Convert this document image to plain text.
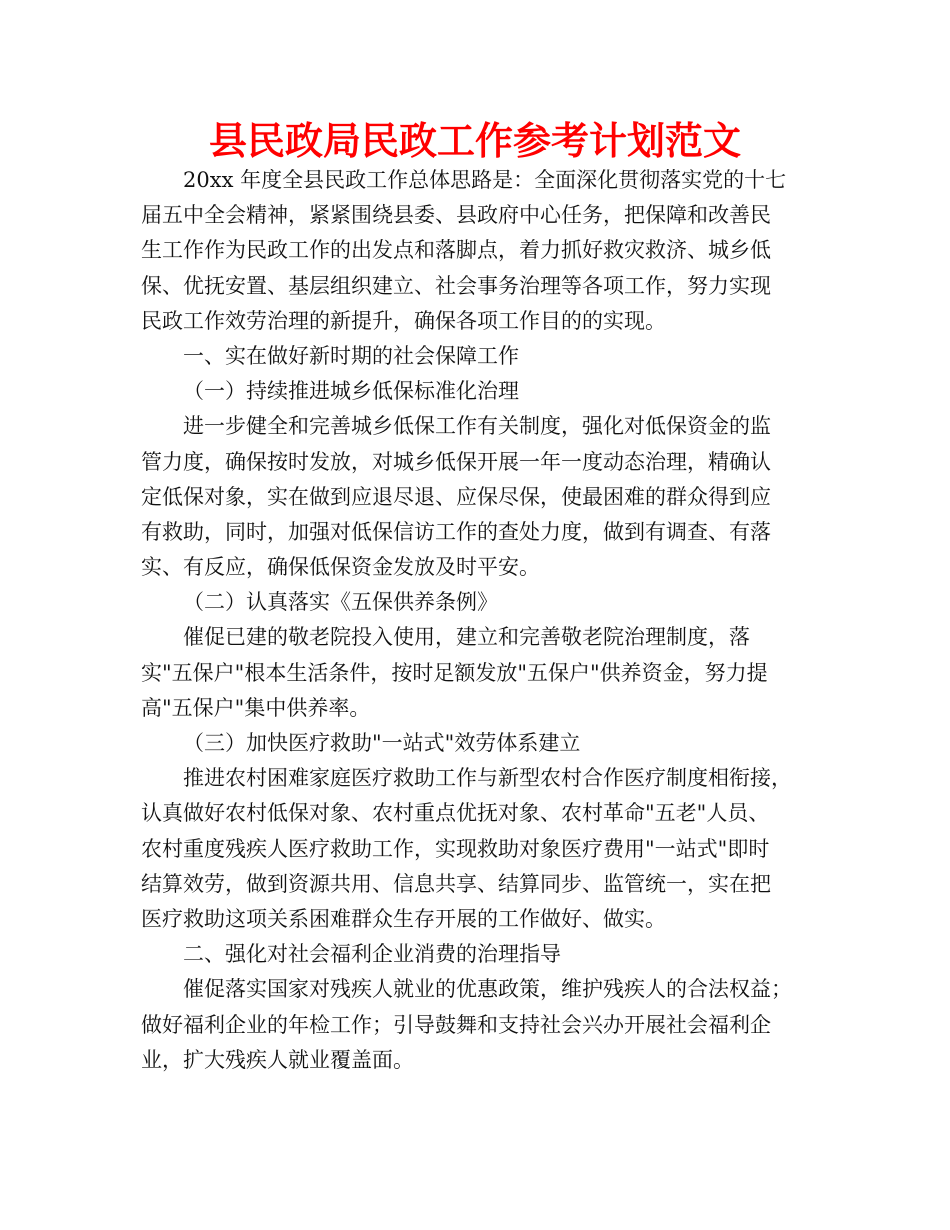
县民政局民政工作参考计划范文
20xx 年度全县民政工作总体思路是：全面深化贯彻落实党的十七
届五中全会精神，紧紧围绕县委、县政府中心任务，把保障和改善民
生工作作为民政工作的出发点和落脚点，着力抓好救灾救济、城乡低
保、优抚安置、基层组织建立、社会事务治理等各项工作，努力实现
民政工作效劳治理的新提升，确保各项工作目的的实现。
一、实在做好新时期的社会保障工作
（一）持续推进城乡低保标准化治理
进一步健全和完善城乡低保工作有关制度，强化对低保资金的监
管力度，确保按时发放，对城乡低保开展一年一度动态治理，精确认
定低保对象，实在做到应退尽退、应保尽保，使最困难的群众得到应
有救助，同时，加强对低保信访工作的查处力度，做到有调查、有落
实、有反应，确保低保资金发放及时平安。
（二）认真落实《五保供养条例》
催促已建的敬老院投入使用，建立和完善敬老院治理制度，落
实"五保户"根本生活条件，按时足额发放"五保户"供养资金，努力提
高"五保户"集中供养率。
（三）加快医疗救助"一站式"效劳体系建立
推进农村困难家庭医疗救助工作与新型农村合作医疗制度相衔接，
认真做好农村低保对象、农村重点优抚对象、农村革命"五老"人员、
农村重度残疾人医疗救助工作，实现救助对象医疗费用"一站式"即时
结算效劳，做到资源共用、信息共享、结算同步、监管统一，实在把
医疗救助这项关系困难群众生存开展的工作做好、做实。
二、强化对社会福利企业消费的治理指导
催促落实国家对残疾人就业的优惠政策，维护残疾人的合法权益；
做好福利企业的年检工作；引导鼓舞和支持社会兴办开展社会福利企
业，扩大残疾人就业覆盖面。
